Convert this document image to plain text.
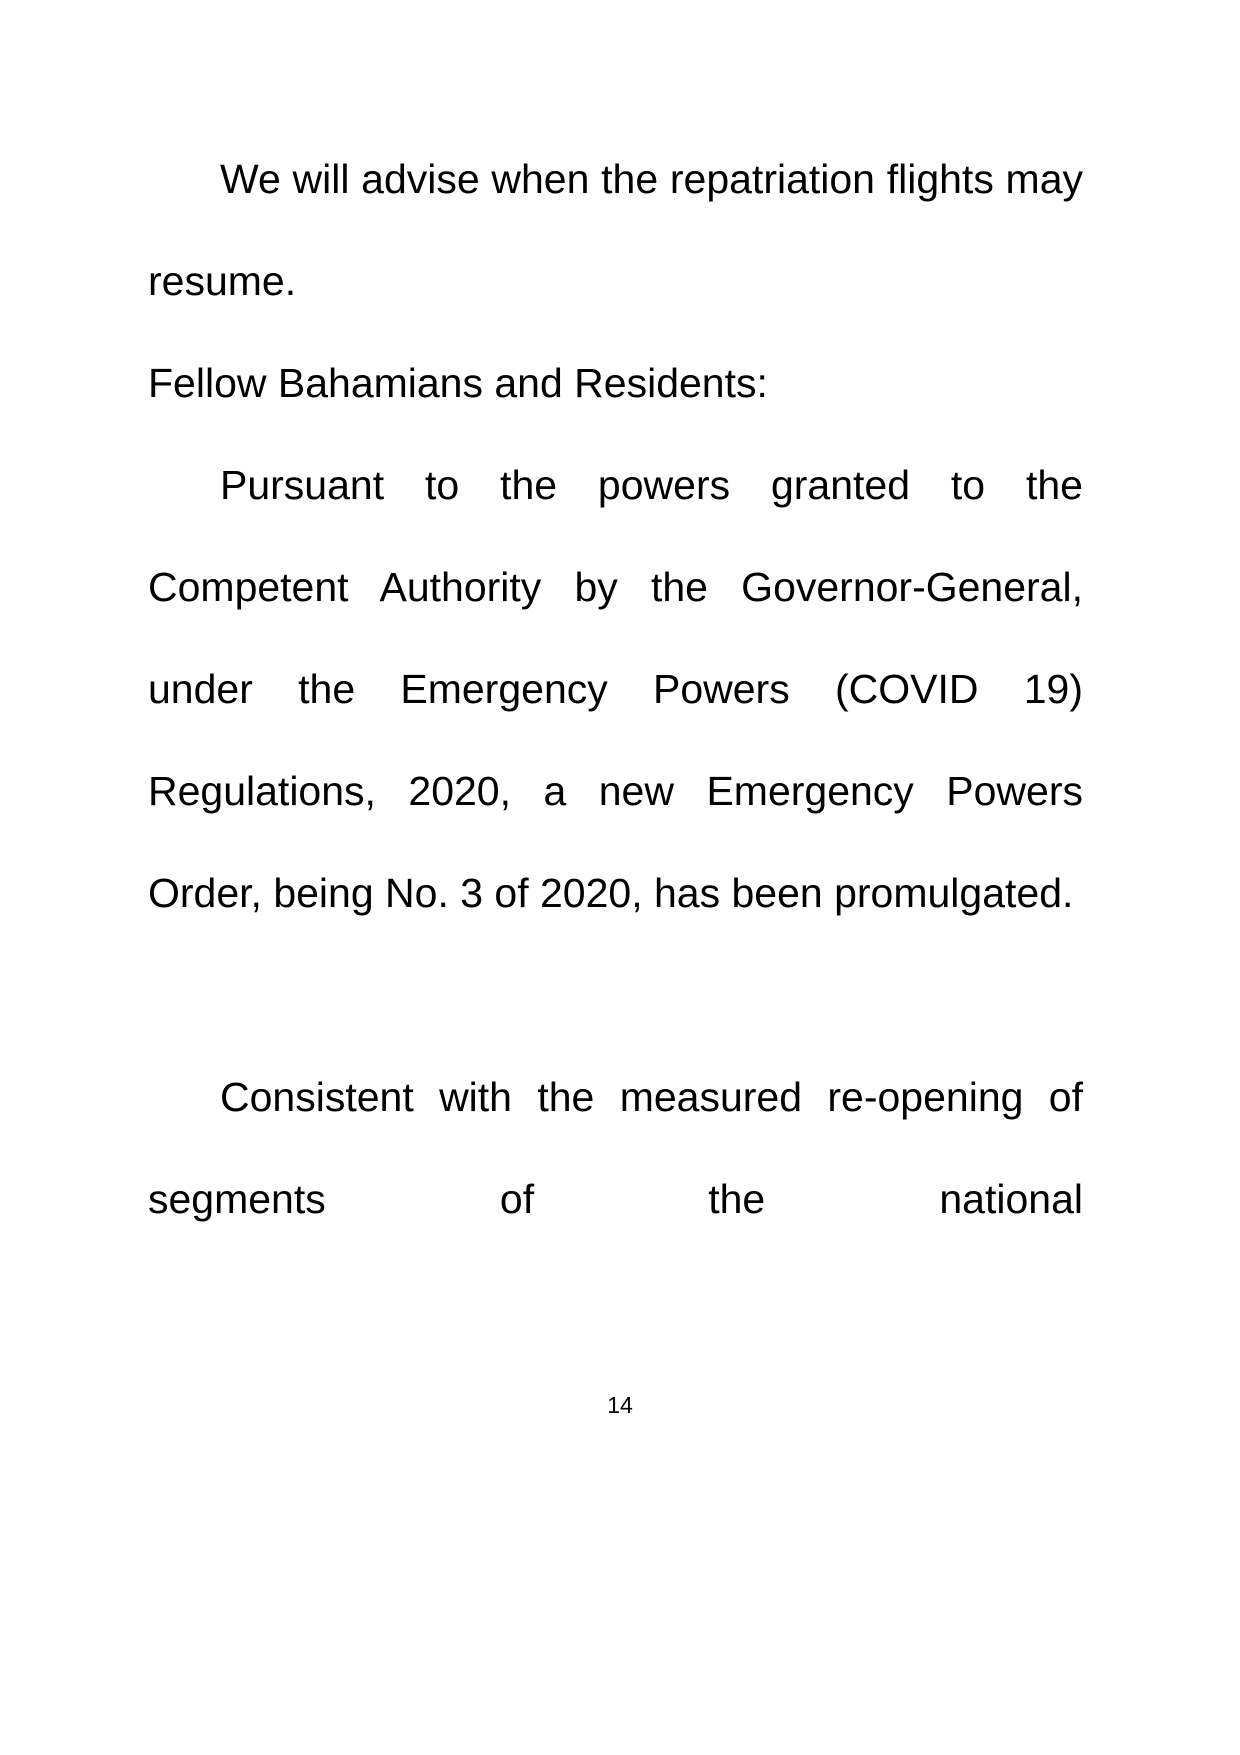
We will advise when the repatriation flights may resume.

Fellow Bahamians and Residents:

Pursuant to the powers granted to the Competent Authority by the Governor-General, under the Emergency Powers (COVID 19) Regulations, 2020, a new Emergency Powers Order, being No. 3 of 2020, has been promulgated.

Consistent with the measured re-opening of segments of the national

14
